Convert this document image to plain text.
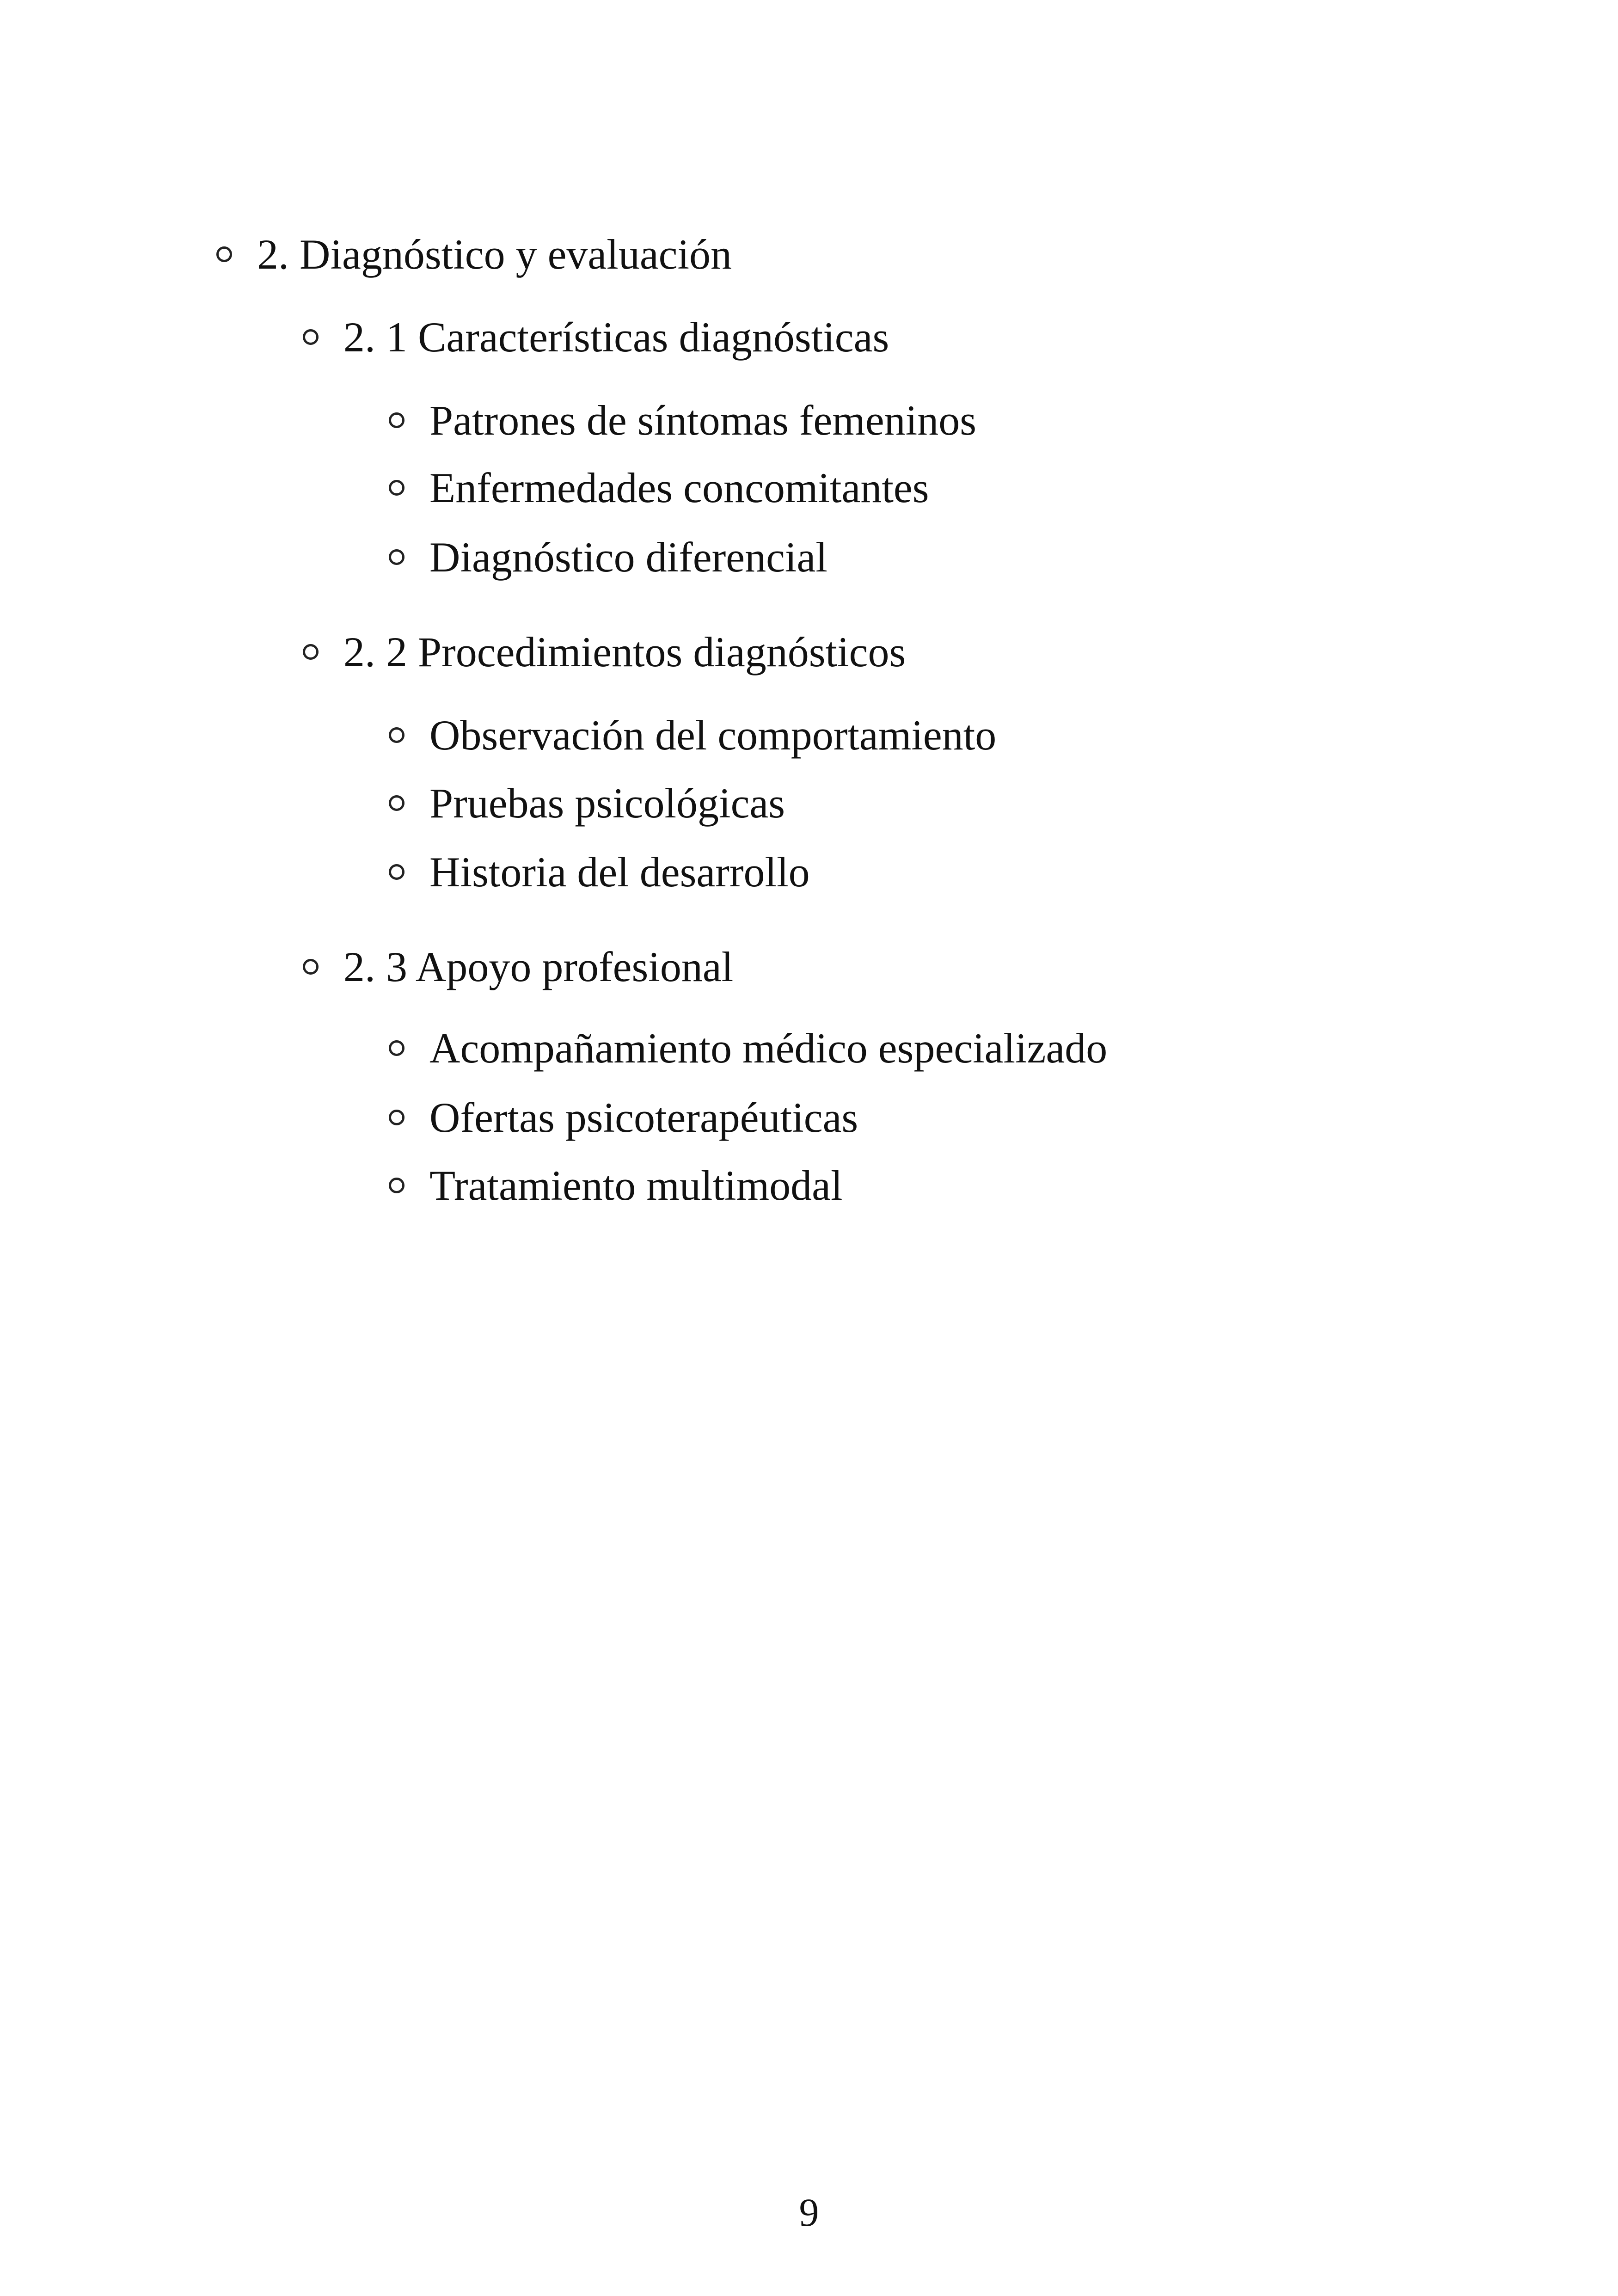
2. Diagnóstico y evaluación
2. 1 Características diagnósticas
Patrones de síntomas femeninos
Enfermedades concomitantes
Diagnóstico diferencial
2. 2 Procedimientos diagnósticos
Observación del comportamiento
Pruebas psicológicas
Historia del desarrollo
2. 3 Apoyo profesional
Acompañamiento médico especializado
Ofertas psicoterapéuticas
Tratamiento multimodal
9
